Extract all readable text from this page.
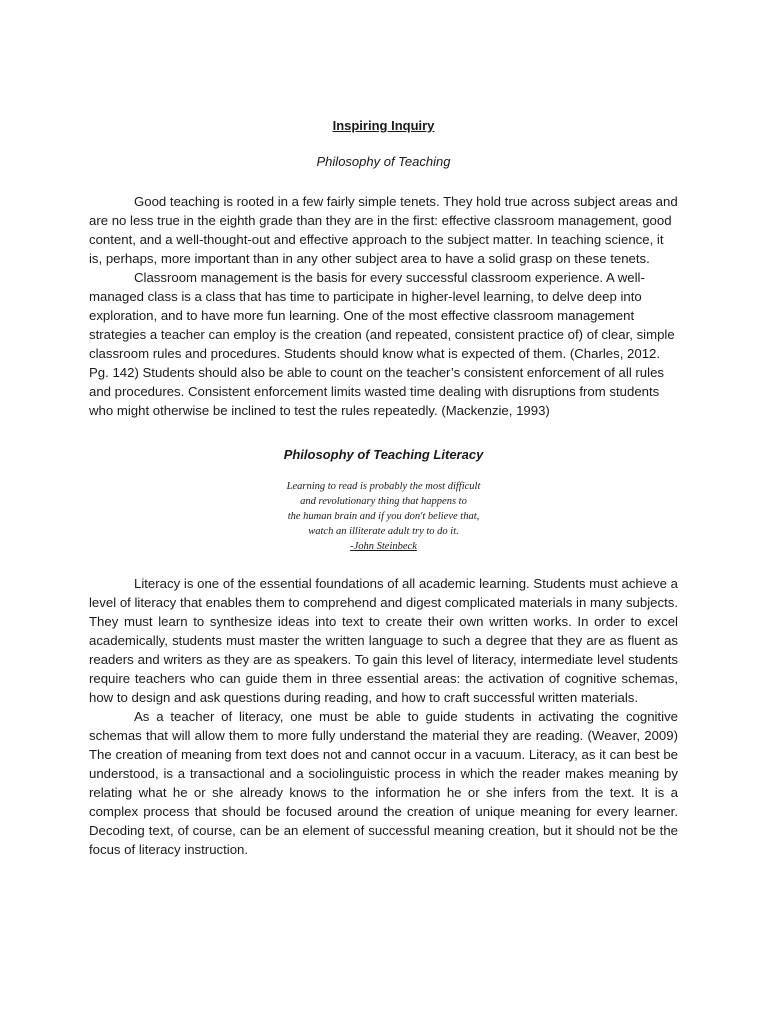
Inspiring Inquiry
Philosophy of Teaching

Good teaching is rooted in a few fairly simple tenets. They hold true across subject areas and are no less true in the eighth grade than they are in the first: effective classroom management, good content, and a well-thought-out and effective approach to the subject matter. In teaching science, it is, perhaps, more important than in any other subject area to have a solid grasp on these tenets.

Classroom management is the basis for every successful classroom experience. A well-managed class is a class that has time to participate in higher-level learning, to delve deep into exploration, and to have more fun learning. One of the most effective classroom management strategies a teacher can employ is the creation (and repeated, consistent practice of) of clear, simple classroom rules and procedures. Students should know what is expected of them. (Charles, 2012. Pg. 142) Students should also be able to count on the teacher’s consistent enforcement of all rules and procedures. Consistent enforcement limits wasted time dealing with disruptions from students who might otherwise be inclined to test the rules repeatedly. (Mackenzie, 1993)

Philosophy of Teaching Literacy
Learning to read is probably the most difficult
and revolutionary thing that happens to
the human brain and if you don't believe that,
watch an illiterate adult try to do it.
-John Steinbeck

Literacy is one of the essential foundations of all academic learning. Students must achieve a level of literacy that enables them to comprehend and digest complicated materials in many subjects. They must learn to synthesize ideas into text to create their own written works. In order to excel academically, students must master the written language to such a degree that they are as fluent as readers and writers as they are as speakers. To gain this level of literacy, intermediate level students require teachers who can guide them in three essential areas: the activation of cognitive schemas, how to design and ask questions during reading, and how to craft successful written materials.

As a teacher of literacy, one must be able to guide students in activating the cognitive schemas that will allow them to more fully understand the material they are reading. (Weaver, 2009) The creation of meaning from text does not and cannot occur in a vacuum. Literacy, as it can best be understood, is a transactional and a sociolinguistic process in which the reader makes meaning by relating what he or she already knows to the information he or she infers from the text. It is a complex process that should be focused around the creation of unique meaning for every learner. Decoding text, of course, can be an element of successful meaning creation, but it should not be the focus of literacy instruction.
